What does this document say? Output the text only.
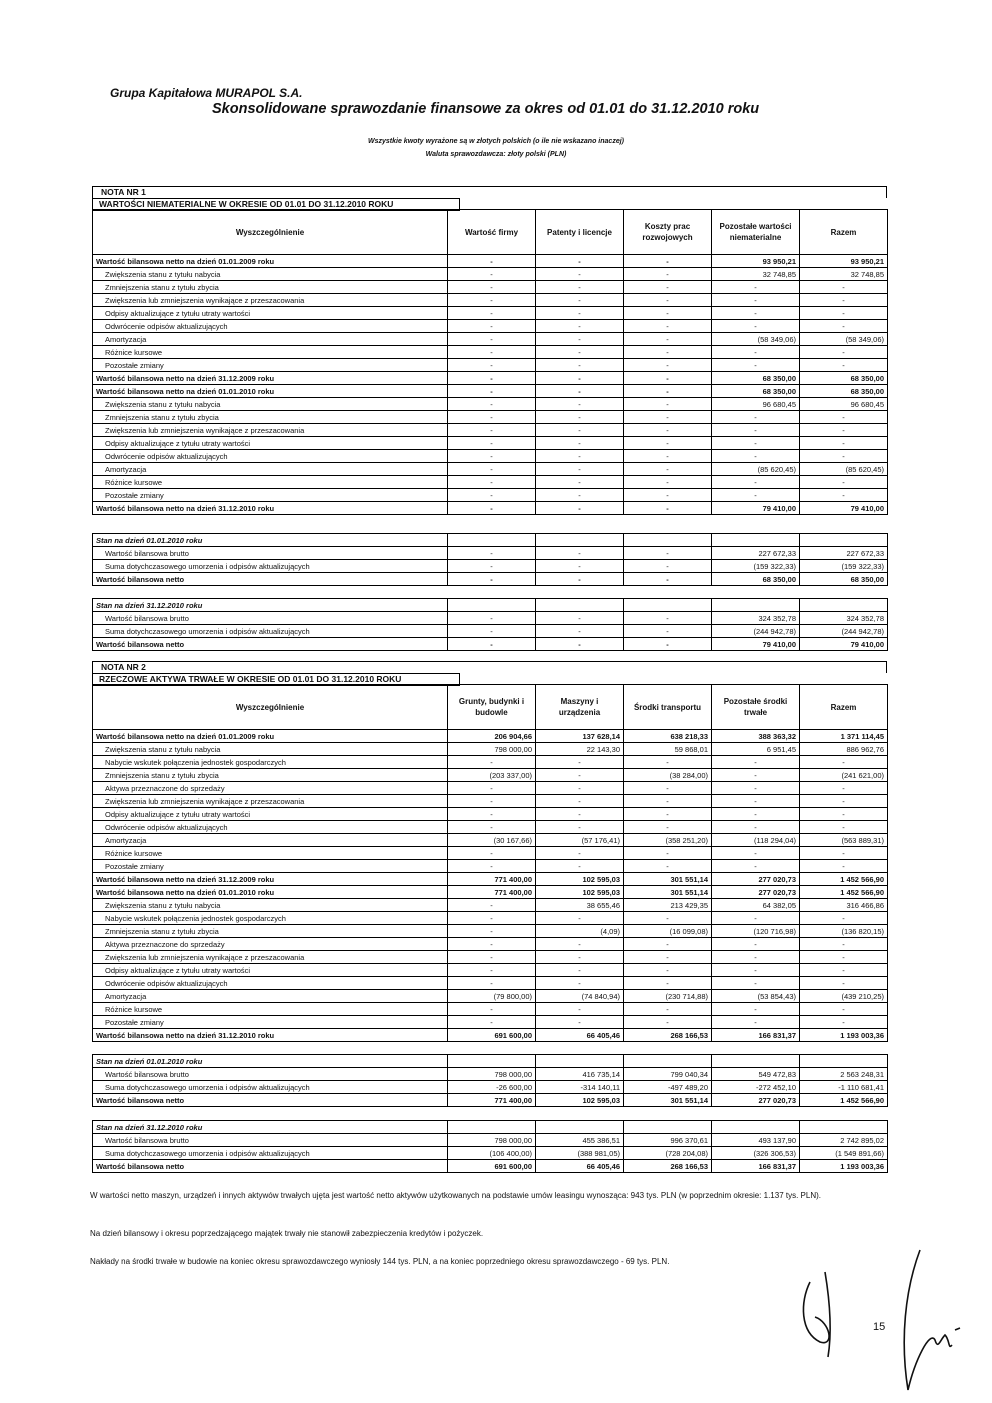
Grupa Kapitałowa MURAPOL S.A.
Skonsolidowane sprawozdanie finansowe za okres od 01.01 do 31.12.2010 roku
Wszystkie kwoty wyrażone są w złotych polskich (o ile nie wskazano inaczej)
Waluta sprawozdawcza: złoty polski (PLN)
NOTA NR 1
WARTOŚCI NIEMATERIALNE W OKRESIE OD 01.01 DO 31.12.2010 ROKU
Wyszczególnienie	Wartość firmy	Patenty i licencje	Koszty prac rozwojowych	Pozostałe wartości niematerialne	Razem
Wartość bilansowa netto na dzień 01.01.2009 roku	-	-	-	93 950,21	93 950,21
Zwiększenia stanu z tytułu nabycia	-	-	-	32 748,85	32 748,85
Zmniejszenia stanu z tytułu zbycia	-	-	-	-	-
Zwiększenia lub zmniejszenia wynikające z przeszacowania	-	-	-	-	-
Odpisy aktualizujące z tytułu utraty wartości	-	-	-	-	-
Odwrócenie odpisów aktualizujących	-	-	-	-	-
Amortyzacja	-	-	-	(58 349,06)	(58 349,06)
Różnice kursowe	-	-	-	-	-
Pozostałe zmiany	-	-	-	-	-
Wartość bilansowa netto na dzień 31.12.2009 roku	-	-	-	68 350,00	68 350,00
Wartość bilansowa netto na dzień 01.01.2010 roku	-	-	-	68 350,00	68 350,00
Zwiększenia stanu z tytułu nabycia	-	-	-	96 680,45	96 680,45
Zmniejszenia stanu z tytułu zbycia	-	-	-	-	-
Zwiększenia lub zmniejszenia wynikające z przeszacowania	-	-	-	-	-
Odpisy aktualizujące z tytułu utraty wartości	-	-	-	-	-
Odwrócenie odpisów aktualizujących	-	-	-	-	-
Amortyzacja	-	-	-	(85 620,45)	(85 620,45)
Różnice kursowe	-	-	-	-	-
Pozostałe zmiany	-	-	-	-	-
Wartość bilansowa netto na dzień 31.12.2010 roku	-	-	-	79 410,00	79 410,00
Stan na dzień 01.01.2010 roku					
Wartość bilansowa brutto	-	-	-	227 672,33	227 672,33
Suma dotychczasowego umorzenia i odpisów aktualizujących	-	-	-	(159 322,33)	(159 322,33)
Wartość bilansowa netto	-	-	-	68 350,00	68 350,00
Stan na dzień 31.12.2010 roku					
Wartość bilansowa brutto	-	-	-	324 352,78	324 352,78
Suma dotychczasowego umorzenia i odpisów aktualizujących	-	-	-	(244 942,78)	(244 942,78)
Wartość bilansowa netto	-	-	-	79 410,00	79 410,00
NOTA NR 2
RZECZOWE AKTYWA TRWAŁE W OKRESIE OD 01.01 DO 31.12.2010 ROKU
Wyszczególnienie	Grunty, budynki i budowle	Maszyny i urządzenia	Środki transportu	Pozostałe środki trwałe	Razem
Wartość bilansowa netto na dzień 01.01.2009 roku	206 904,66	137 628,14	638 218,33	388 363,32	1 371 114,45
Zwiększenia stanu z tytułu nabycia	798 000,00	22 143,30	59 868,01	6 951,45	886 962,76
Nabycie wskutek połączenia jednostek gospodarczych	-	-	-	-	-
Zmniejszenia stanu z tytułu zbycia	(203 337,00)	-	(38 284,00)	-	(241 621,00)
Aktywa przeznaczone do sprzedaży	-	-	-	-	-
Zwiększenia lub zmniejszenia wynikające z przeszacowania	-	-	-	-	-
Odpisy aktualizujące z tytułu utraty wartości	-	-	-	-	-
Odwrócenie odpisów aktualizujących	-	-	-	-	-
Amortyzacja	(30 167,66)	(57 176,41)	(358 251,20)	(118 294,04)	(563 889,31)
Różnice kursowe	-	-	-	-	-
Pozostałe zmiany	-	-	-	-	-
Wartość bilansowa netto na dzień 31.12.2009 roku	771 400,00	102 595,03	301 551,14	277 020,73	1 452 566,90
Wartość bilansowa netto na dzień 01.01.2010 roku	771 400,00	102 595,03	301 551,14	277 020,73	1 452 566,90
Zwiększenia stanu z tytułu nabycia	-	38 655,46	213 429,35	64 382,05	316 466,86
Nabycie wskutek połączenia jednostek gospodarczych	-	-	-	-	-
Zmniejszenia stanu z tytułu zbycia	-	(4,09)	(16 099,08)	(120 716,98)	(136 820,15)
Aktywa przeznaczone do sprzedaży	-	-	-	-	-
Zwiększenia lub zmniejszenia wynikające z przeszacowania	-	-	-	-	-
Odpisy aktualizujące z tytułu utraty wartości	-	-	-	-	-
Odwrócenie odpisów aktualizujących	-	-	-	-	-
Amortyzacja	(79 800,00)	(74 840,94)	(230 714,88)	(53 854,43)	(439 210,25)
Różnice kursowe	-	-	-	-	-
Pozostałe zmiany	-	-	-	-	-
Wartość bilansowa netto na dzień 31.12.2010 roku	691 600,00	66 405,46	268 166,53	166 831,37	1 193 003,36
Stan na dzień 01.01.2010 roku					
Wartość bilansowa brutto	798 000,00	416 735,14	799 040,34	549 472,83	2 563 248,31
Suma dotychczasowego umorzenia i odpisów aktualizujących	-26 600,00	-314 140,11	-497 489,20	-272 452,10	-1 110 681,41
Wartość bilansowa netto	771 400,00	102 595,03	301 551,14	277 020,73	1 452 566,90
Stan na dzień 31.12.2010 roku					
Wartość bilansowa brutto	798 000,00	455 386,51	996 370,61	493 137,90	2 742 895,02
Suma dotychczasowego umorzenia i odpisów aktualizujących	(106 400,00)	(388 981,05)	(728 204,08)	(326 306,53)	(1 549 891,66)
Wartość bilansowa netto	691 600,00	66 405,46	268 166,53	166 831,37	1 193 003,36
W wartości netto maszyn, urządzeń i innych aktywów trwałych ujęta jest wartość netto aktywów użytkowanych na podstawie umów leasingu wynosząca: 943 tys. PLN (w poprzednim okresie: 1.137 tys. PLN).
Na dzień bilansowy i okresu poprzedzającego majątek trwały nie stanowił zabezpieczenia kredytów i pożyczek.
Nakłady na środki trwałe w budowie na koniec okresu sprawozdawczego wyniosły 144 tys. PLN, a na koniec poprzedniego okresu sprawozdawczego - 69 tys. PLN.
15
